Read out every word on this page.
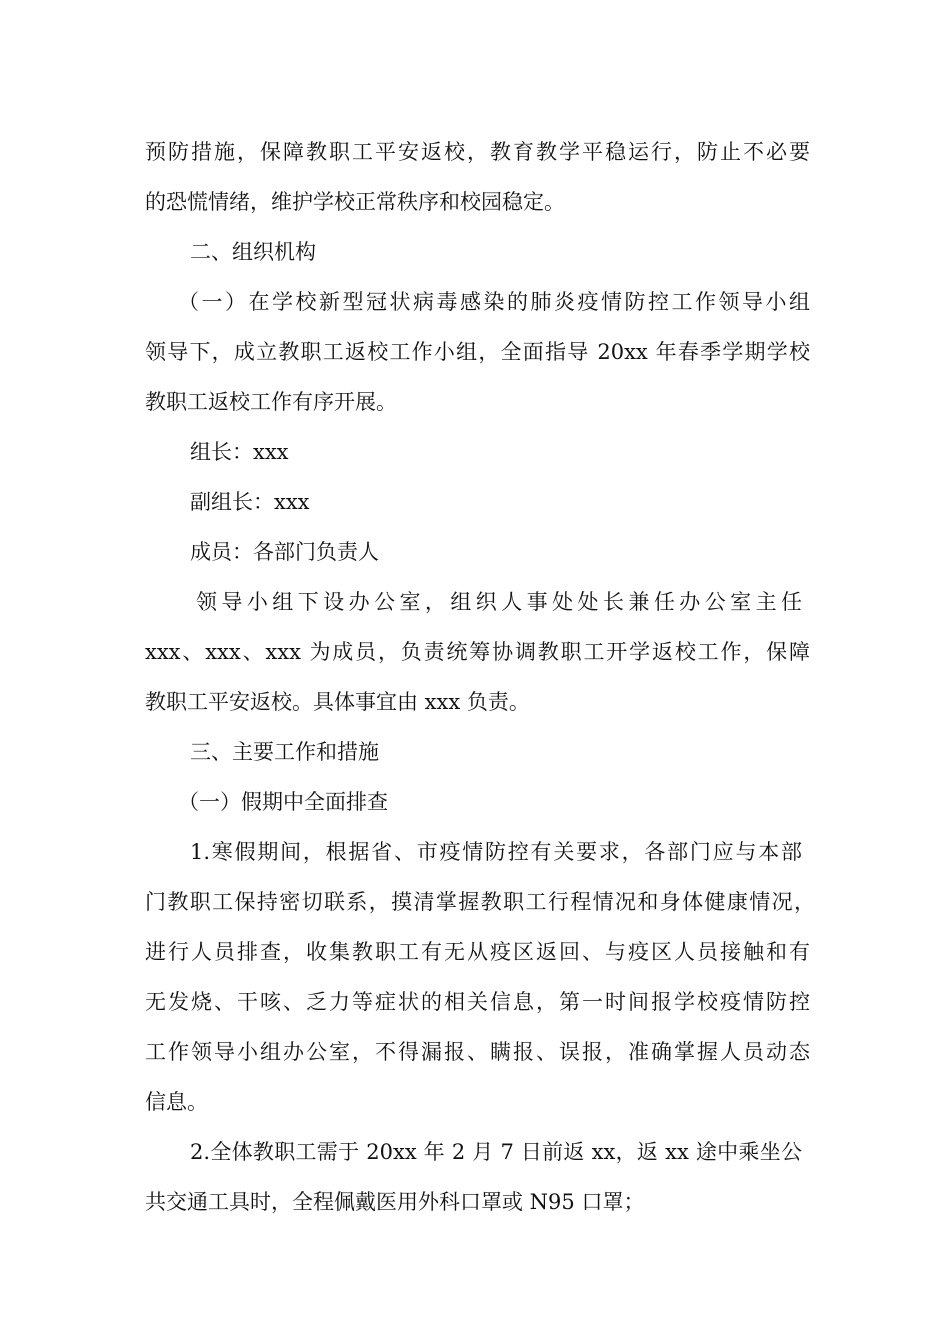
预防措施，保障教职工平安返校，教育教学平稳运行，防止不必要
的恐慌情绪，维护学校正常秩序和校园稳定。
二、组织机构
（一）在学校新型冠状病毒感染的肺炎疫情防控工作领导小组
领导下，成立教职工返校工作小组，全面指导 20xx 年春季学期学校
教职工返校工作有序开展。
组长：xxx
副组长：xxx
成员：各部门负责人
领导小组下设办公室，组织人事处处长兼任办公室主任
xxx、xxx、xxx 为成员，负责统筹协调教职工开学返校工作，保障
教职工平安返校。具体事宜由 xxx 负责。
三、主要工作和措施
（一）假期中全面排查
1.寒假期间，根据省、市疫情防控有关要求，各部门应与本部
门教职工保持密切联系，摸清掌握教职工行程情况和身体健康情况，
进行人员排查，收集教职工有无从疫区返回、与疫区人员接触和有
无发烧、干咳、乏力等症状的相关信息，第一时间报学校疫情防控
工作领导小组办公室，不得漏报、瞒报、误报，准确掌握人员动态
信息。
2.全体教职工需于 20xx 年 2 月 7 日前返 xx，返 xx 途中乘坐公
共交通工具时，全程佩戴医用外科口罩或 N95 口罩；
